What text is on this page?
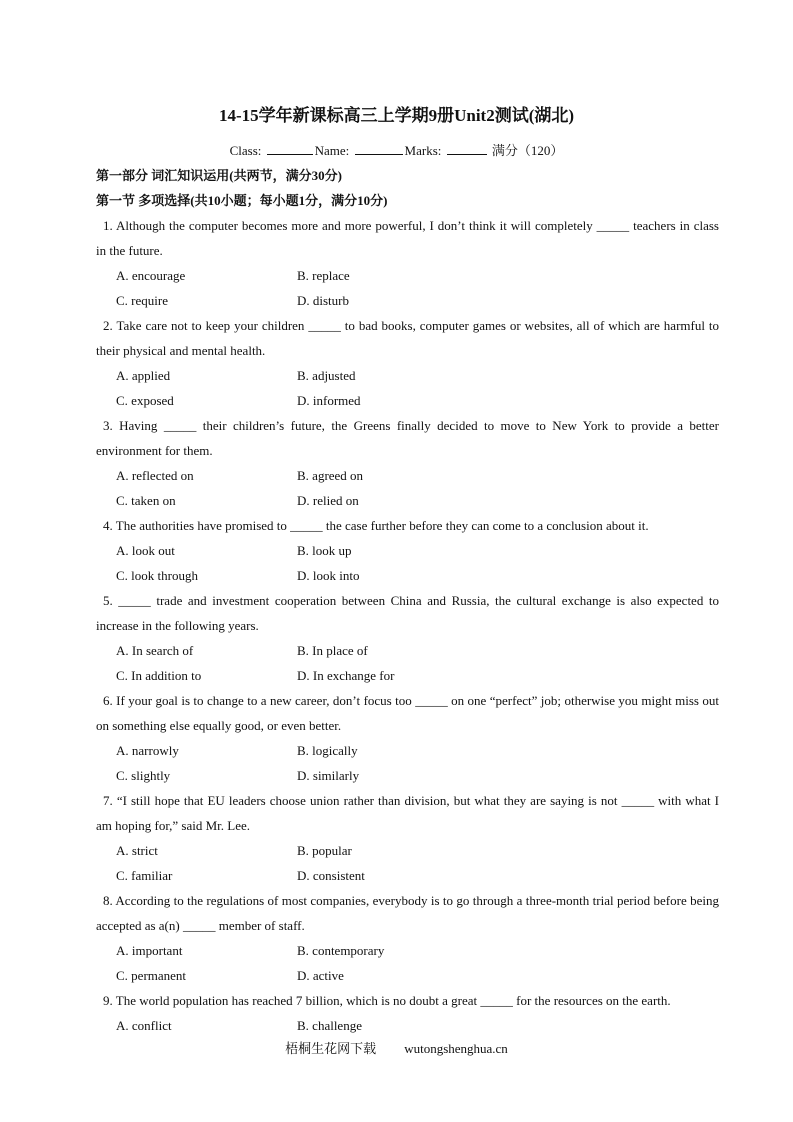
14-15学年新课标高三上学期9册Unit2测试(湖北)
Class:	Name:	Marks:	满分（120）
第一部分 词汇知识运用(共两节，满分30分)
第一节 多项选择(共10小题；每小题1分，满分10分)

1. Although the computer becomes more and more powerful, I don’t think it will completely _____ teachers in class in the future.

A. encourage	B. replace
C. require	D. disturb

2. Take care not to keep your children _____ to bad books, computer games or websites, all of which are harmful to their physical and mental health.

A. applied	B. adjusted
C. exposed	D. informed

3. Having _____ their children’s future, the Greens finally decided to move to New York to provide a better environment for them.

A. reflected on	B. agreed on
C. taken on	D. relied on

4. The authorities have promised to _____ the case further before they can come to a conclusion about it.

A. look out	B. look up
C. look through	D. look into

5. _____ trade and investment cooperation between China and Russia, the cultural exchange is also expected to increase in the following years.

A. In search of	B. In place of
C. In addition to	D. In exchange for

6. If your goal is to change to a new career, don’t focus too _____ on one “perfect” job; otherwise you might miss out on something else equally good, or even better.

A. narrowly	B. logically
C. slightly	D. similarly

7. “I still hope that EU leaders choose union rather than division, but what they are saying is not _____ with what I am hoping for,” said Mr. Lee.

A. strict	B. popular
C. familiar	D. consistent

8. According to the regulations of most companies, everybody is to go through a three-month trial period before being accepted as a(n) _____ member of staff.

A. important	B. contemporary
C. permanent	D. active

9. The world population has reached 7 billion, which is no doubt a great _____ for the resources on the earth.

A. conflict	B. challenge
梧桐生花网下载 wutongshenghua.cn
